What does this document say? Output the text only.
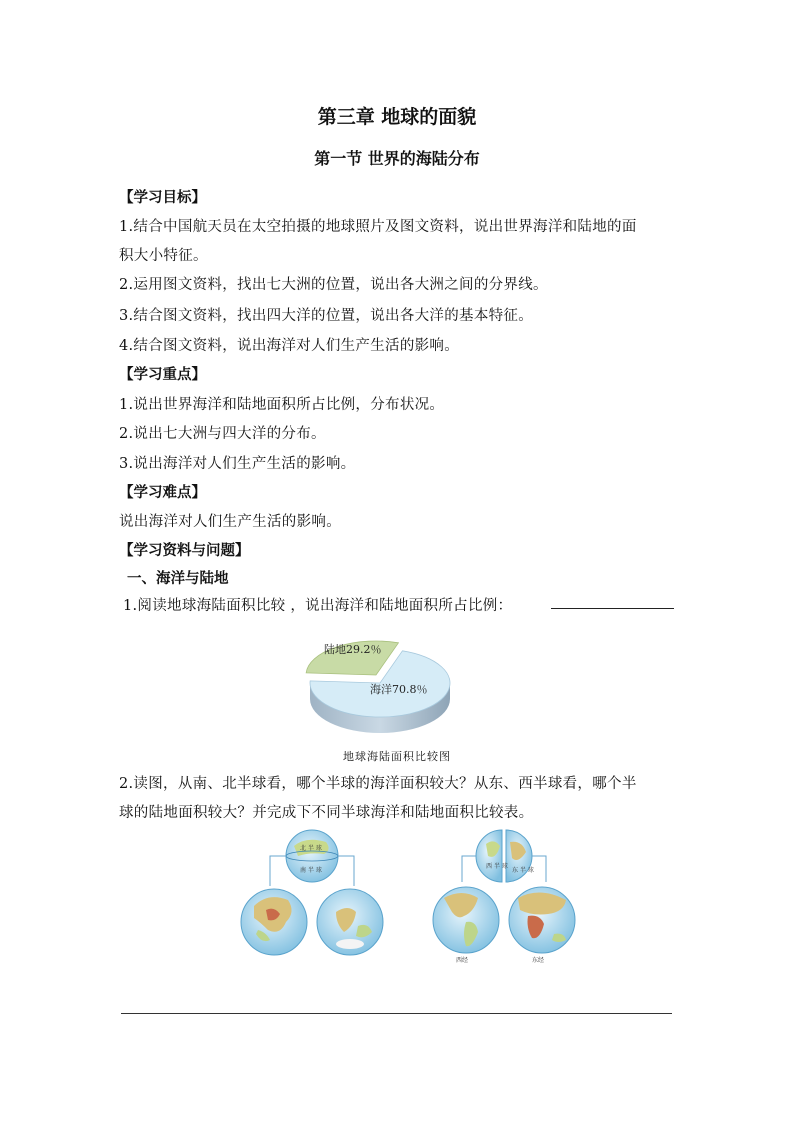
第三章 地球的面貌
第一节 世界的海陆分布
【学习目标】
1.结合中国航天员在太空拍摄的地球照片及图文资料，说出世界海洋和陆地的面
积大小特征。
2.运用图文资料，找出七大洲的位置，说出各大洲之间的分界线。
3.结合图文资料，找出四大洋的位置，说出各大洋的基本特征。
4.结合图文资料，说出海洋对人们生产生活的影响。
【学习重点】
1.说出世界海洋和陆地面积所占比例，分布状况。
2.说出七大洲与四大洋的分布。
3.说出海洋对人们生产生活的影响。
【学习难点】
说出海洋对人们生产生活的影响。
【学习资料与问题】
一、海洋与陆地
1.阅读地球海陆面积比较 ，说出海洋和陆地面积所占比例：
陆地29.2％
海洋70.8％
地球海陆面积比较图
2.读图，从南、北半球看，哪个半球的海洋面积较大？从东、西半球看，哪个半
球的陆地面积较大？并完成下不同半球海洋和陆地面积比较表。
北 半 球
南 半 球
西 半 球
东 半 球
西经	东经
